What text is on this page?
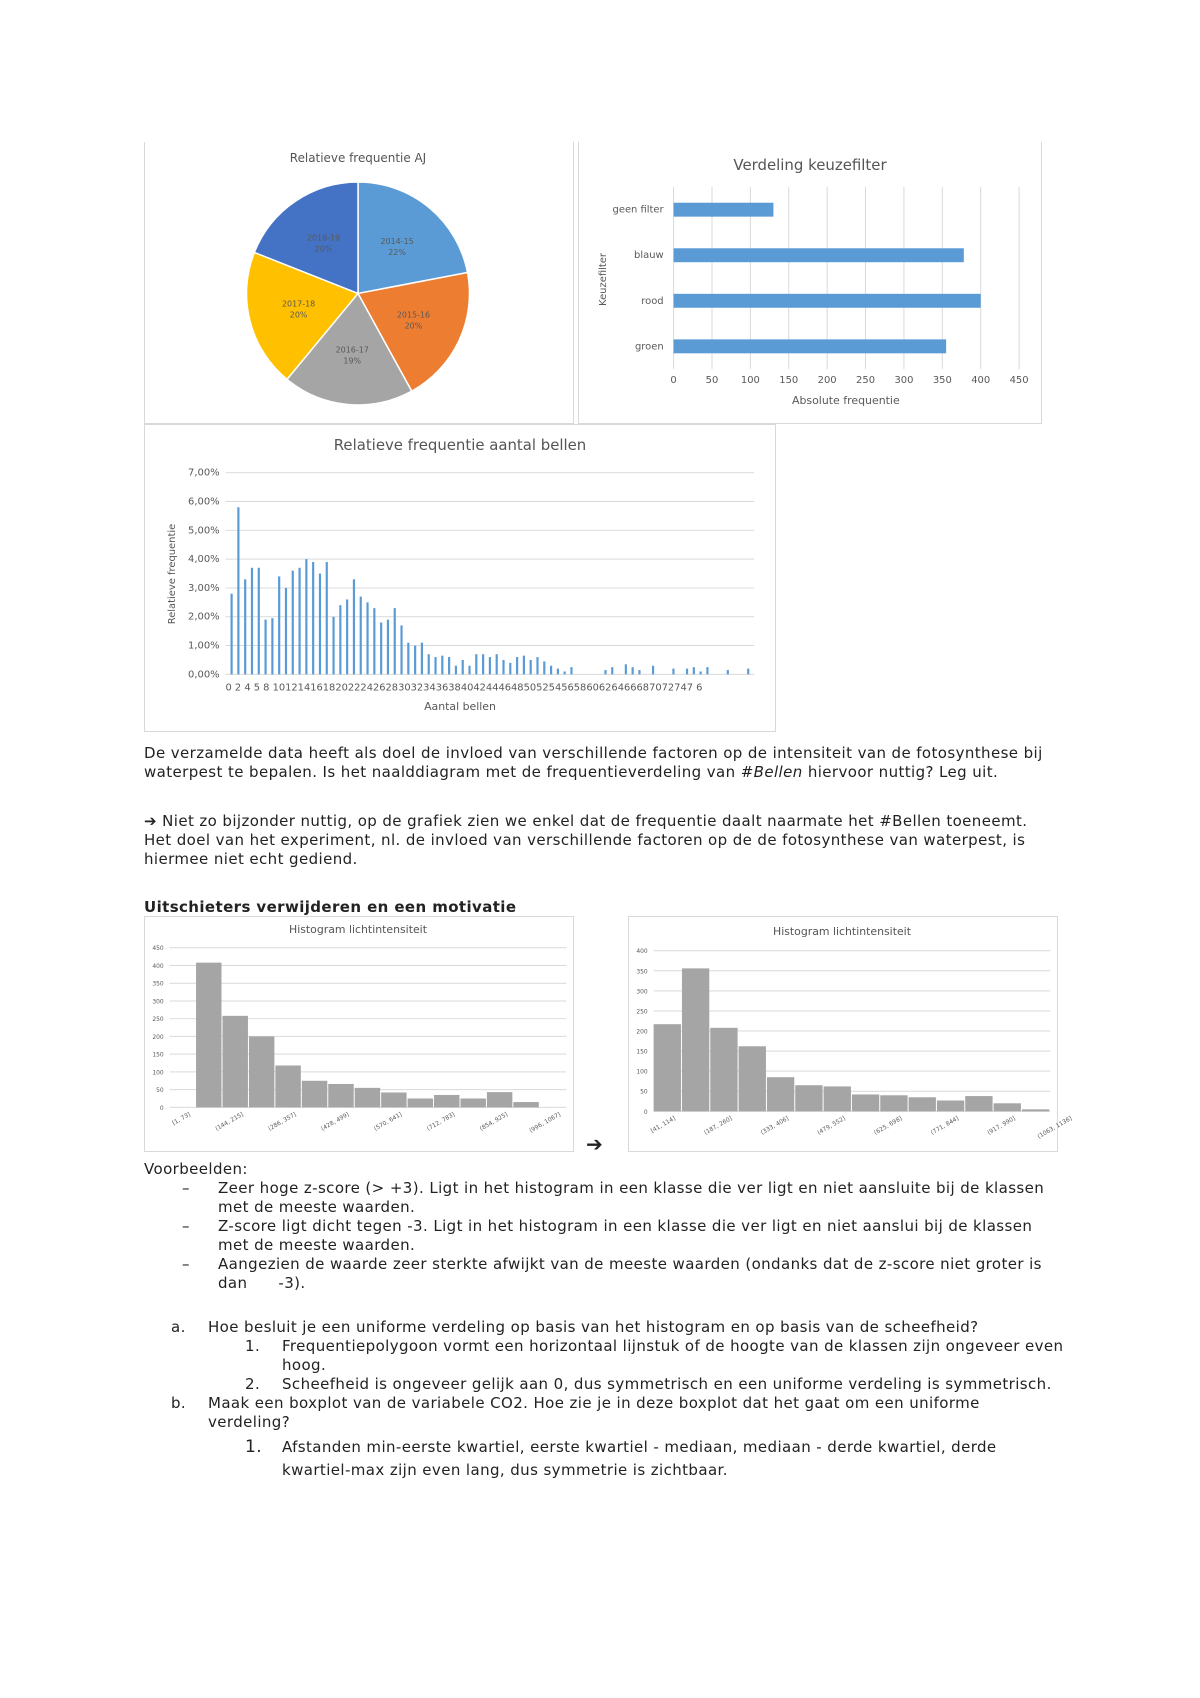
Relatieve frequentie AJ
2014-15
22%
2015-16
20%
2016-17
19%
2017-18
20%
2018-19
20%
Verdeling keuzefilter
Keuzefilter
Absolute frequentie
0	50 100 150 200 250 300 350 400 450
geen filter
blauw
rood
groen
Relatieve frequentie aantal bellen
Relatieve frequentie
0 2 4 5 8 1012141618202224262830323436384042444648505254565860626466687072747 6
Aantal bellen
0,00%
1,00%
2,00%
3,00%
4,00%
5,00%
6,00%
7,00%

De verzamelde data heeft als doel de invloed van verschillende factoren op de intensiteit van de fotosynthese bij waterpest te bepalen. Is het naalddiagram met de frequentieverdeling van #Bellen hiervoor nuttig? Leg uit.

➔ Niet zo bijzonder nuttig, op de grafiek zien we enkel dat de frequentie daalt naarmate het #Bellen toeneemt. Het doel van het experiment, nl. de invloed van verschillende factoren op de de fotosynthese van waterpest, is hiermee niet echt gediend.

Uitschieters verwijderen en een motivatie
Histogram lichtintensiteit
0
50
100
150
200
250
300
350
400
450
[1, 73]	(144, 215]	(286, 357]	(428, 499]	(570, 641]	(712, 783]	(854, 925]	(996, 1067]
➔
Histogram lichtintensiteit
0
50
100
150
200
250
300
350
400
[41, 114]	(187, 260]	(333, 406]	(479, 552]	(625, 698]	(771, 844]	(917, 990]	(1063, 1136]

Voorbeelden:

– Zeer hoge z-score (> +3). Ligt in het histogram in een klasse die ver ligt en niet aansluite bij de klassen met de meeste waarden.
– Z-score ligt dicht tegen -3. Ligt in het histogram in een klasse die ver ligt en niet aanslui bij de klassen met de meeste waarden.
– Aangezien de waarde zeer sterkte afwijkt van de meeste waarden (ondanks dat de z-score niet groter is dan      -3).
a. Hoe besluit je een uniforme verdeling op basis van het histogram en op basis van de scheefheid?
1. Frequentiepolygoon vormt een horizontaal lijnstuk of de hoogte van de klassen zijn ongeveer even hoog.
2. Scheefheid is ongeveer gelijk aan 0, dus symmetrisch en een uniforme verdeling is symmetrisch.
b. Maak een boxplot van de variabele CO2. Hoe zie je in deze boxplot dat het gaat om een uniforme verdeling?
1. Afstanden min-eerste kwartiel, eerste kwartiel - mediaan, mediaan - derde kwartiel, derde kwartiel-max zijn even lang, dus symmetrie is zichtbaar.
